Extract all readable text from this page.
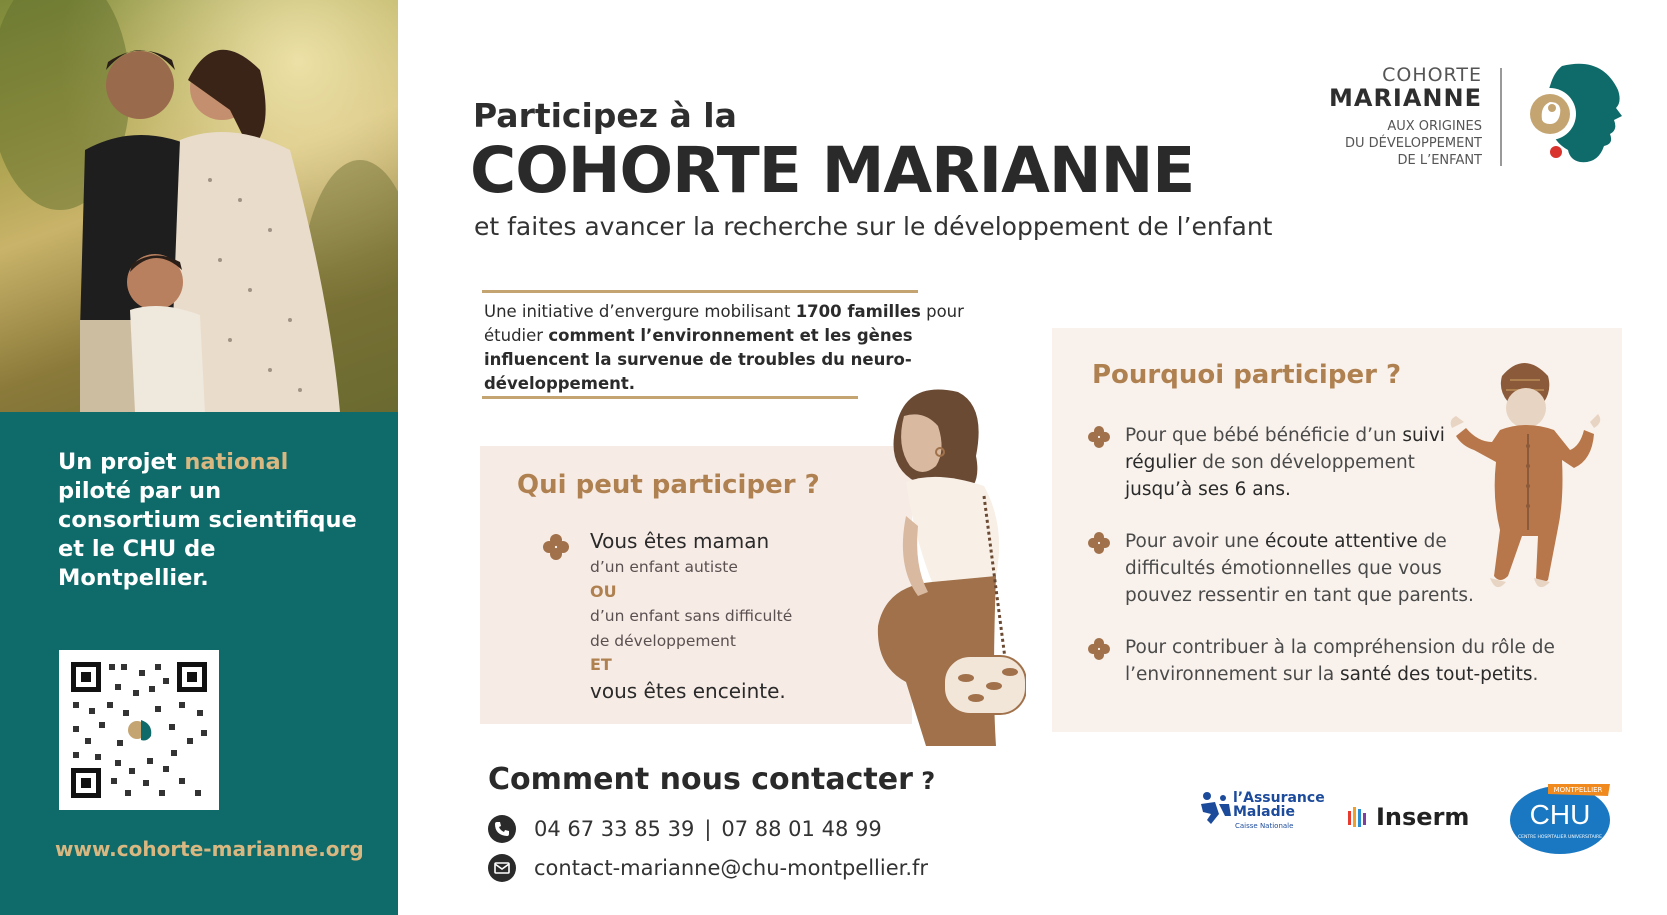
Un projet national piloté par un consortium scientifique et le CHU de Montpellier.
www.cohorte-marianne.org
Participez à la
COHORTE MARIANNE
et faites avancer la recherche sur le développement de l’enfant
COHORTE
MARIANNE
AUX ORIGINES
DU DÉVELOPPEMENT
DE L’ENFANT
Une initiative d’envergure mobilisant 1700 familles pour étudier comment l’environnement et les gènes influencent la survenue de troubles du neuro-développement.
Qui peut participer ?
Vous êtes maman
d’un enfant autiste
OU
d’un enfant sans difficulté
de développement
ET
vous êtes enceinte.
Pourquoi participer ?
Pour que bébé bénéficie d’un suivi régulier de son développement jusqu’à ses 6 ans.
Pour avoir une écoute attentive de difficultés émotionnelles que vous pouvez ressentir en tant que parents.
Pour contribuer à la compréhension du rôle de l’environnement sur la santé des tout-petits.
Comment nous contacter ?
04 67 33 85 39 | 07 88 01 48 99
contact-marianne@chu-montpellier.fr
l’Assurance
Maladie
Caisse Nationale	Inserm
MONTPELLIER
CHU
CENTRE HOSPITALIER UNIVERSITAIRE
